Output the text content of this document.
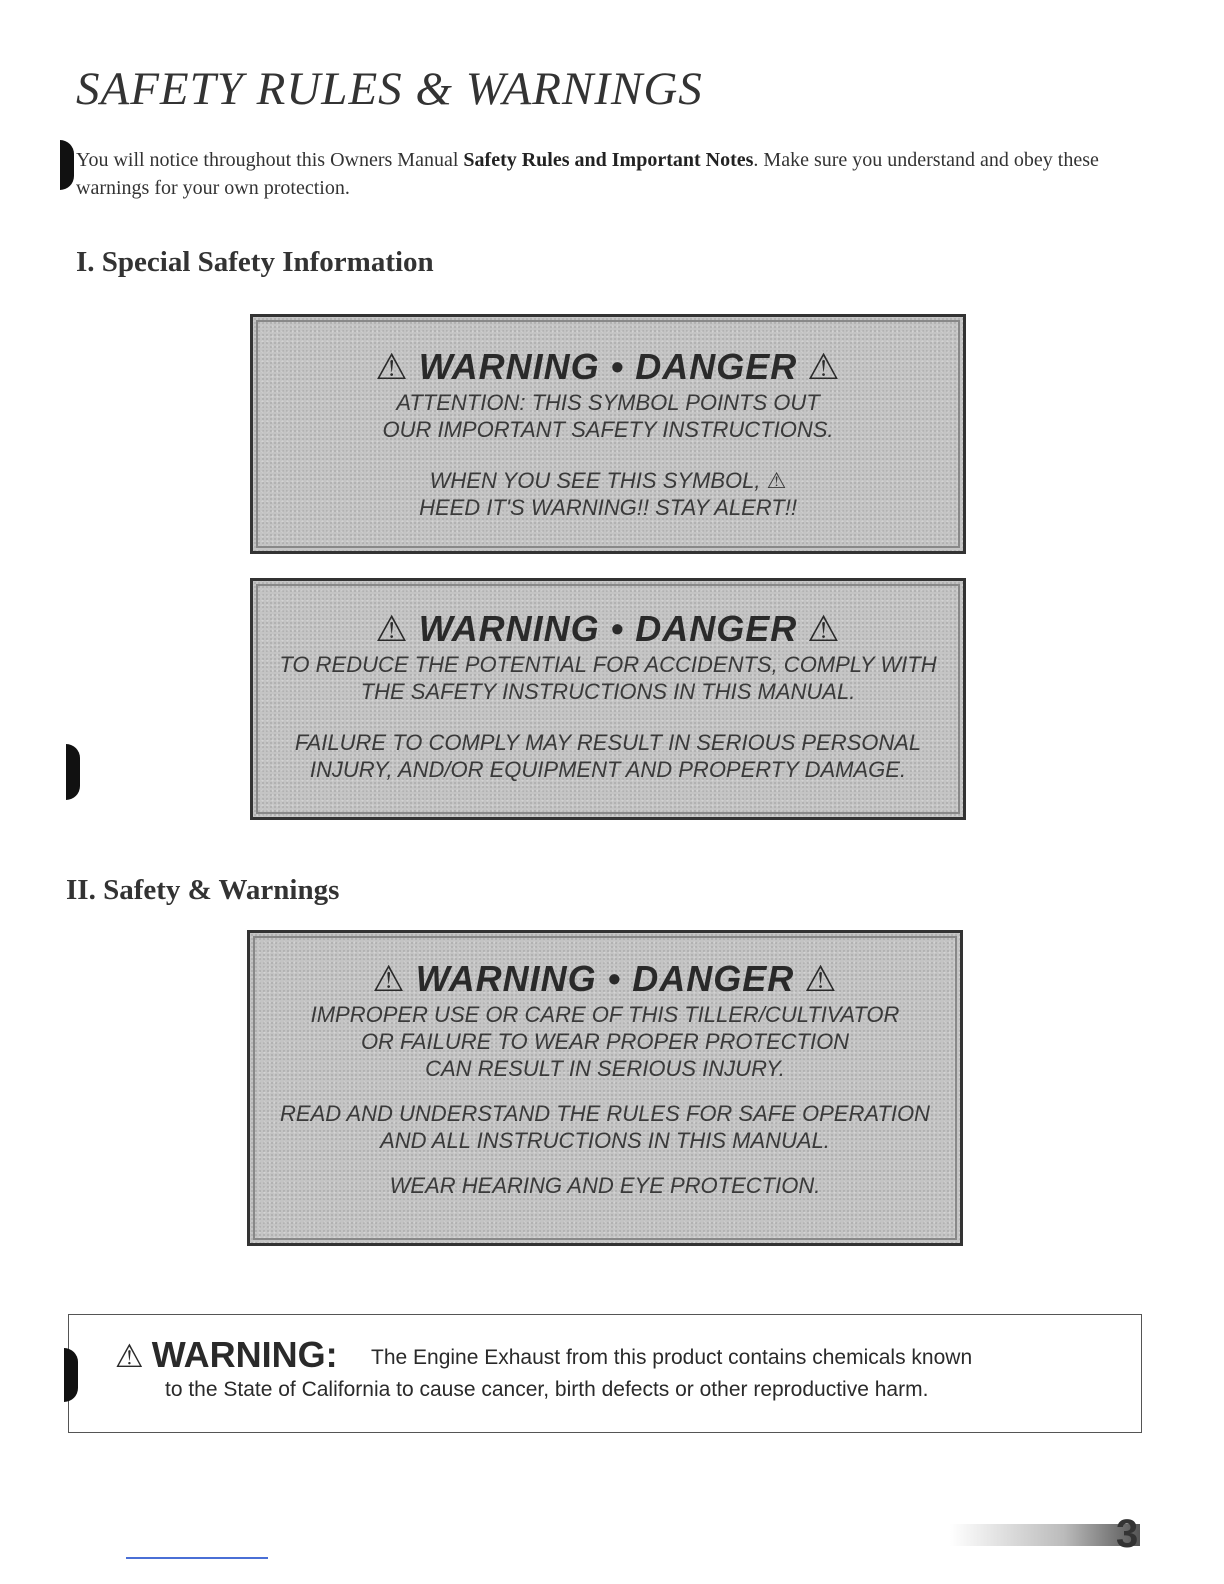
SAFETY RULES & WARNINGS

You will notice throughout this Owners Manual Safety Rules and Important Notes. Make sure you understand and obey these warnings for your own protection.

I. Special Safety Information

⚠ WARNING • DANGER ⚠

ATTENTION: THIS SYMBOL POINTS OUT

OUR IMPORTANT SAFETY INSTRUCTIONS.

WHEN YOU SEE THIS SYMBOL, ⚠

HEED IT'S WARNING!! STAY ALERT!!

⚠ WARNING • DANGER ⚠

TO REDUCE THE POTENTIAL FOR ACCIDENTS, COMPLY WITH

THE SAFETY INSTRUCTIONS IN THIS MANUAL.

FAILURE TO COMPLY MAY RESULT IN SERIOUS PERSONAL

INJURY, AND/OR EQUIPMENT AND PROPERTY DAMAGE.

II. Safety & Warnings

⚠ WARNING • DANGER ⚠

IMPROPER USE OR CARE OF THIS TILLER/CULTIVATOR

OR FAILURE TO WEAR PROPER PROTECTION

CAN RESULT IN SERIOUS INJURY.

READ AND UNDERSTAND THE RULES FOR SAFE OPERATION

AND ALL INSTRUCTIONS IN THIS MANUAL.

WEAR HEARING AND EYE PROTECTION.

⚠ WARNING: The Engine Exhaust from this product contains chemicals known
to the State of California to cause cancer, birth defects or other reproductive harm.
3
